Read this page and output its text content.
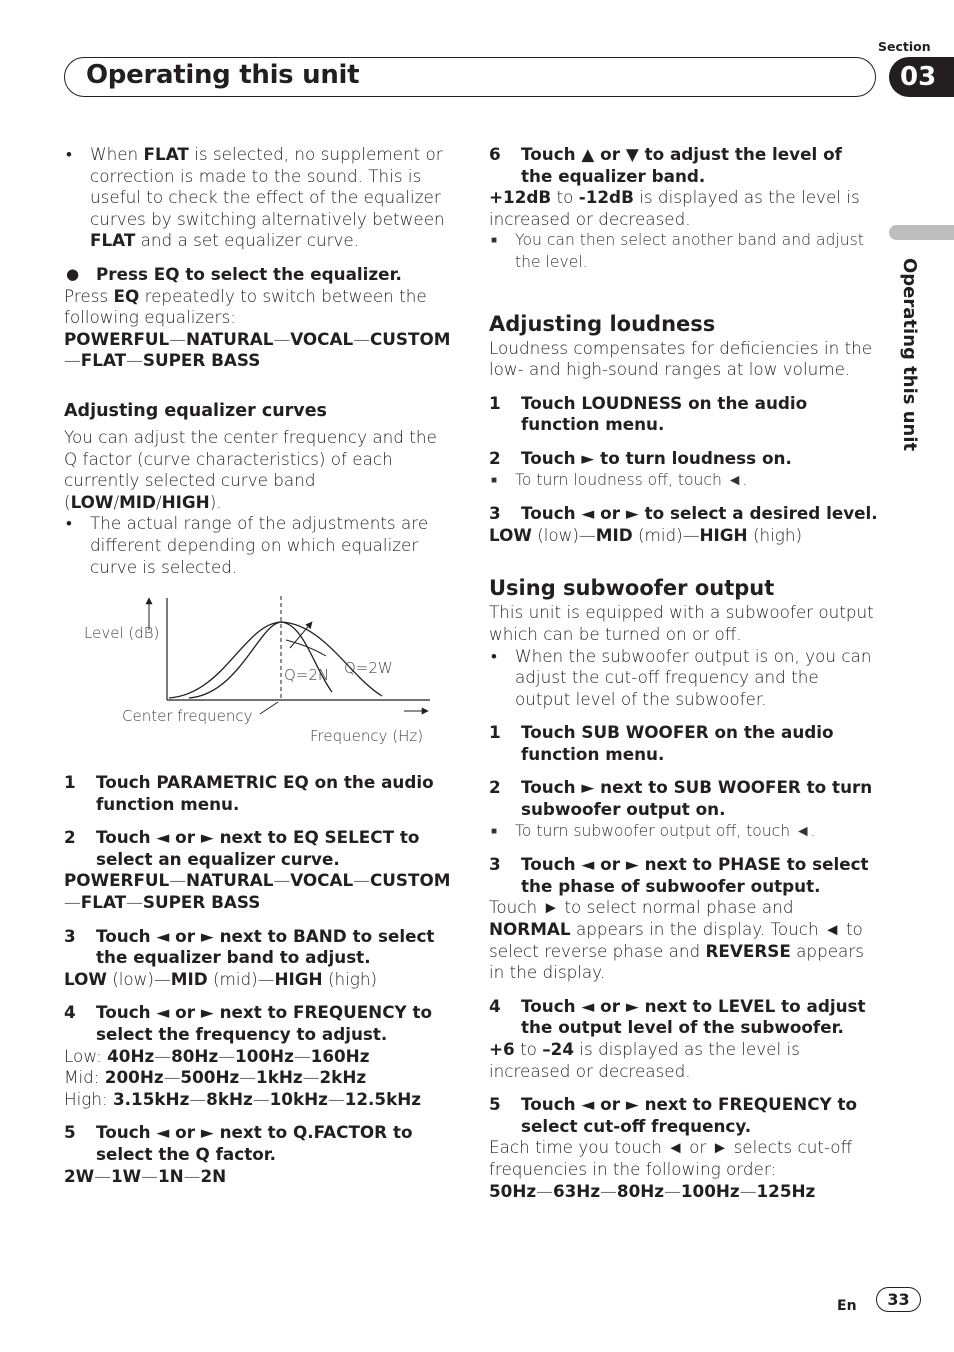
Section
Operating this unit	03
Operating this unit
•	When FLAT is selected, no supplement or correction is made to the sound. This is useful to check the effect of the equalizer curves by switching alternatively between FLAT and a set equalizer curve.
●	Press EQ to select the equalizer.
Press EQ repeatedly to switch between the following equalizers:
POWERFUL—NATURAL—VOCAL—CUSTOM —FLAT—SUPER BASS
Adjusting equalizer curves
You can adjust the center frequency and the Q factor (curve characteristics) of each currently selected curve band (LOW/MID/HIGH).
•	The actual range of the adjustments are different depending on which equalizer curve is selected.
Level (dB)
Q=2N Q=2W
Center frequency
Frequency (Hz)
1	Touch PARAMETRIC EQ on the audio function menu.
2	Touch ◄ or ► next to EQ SELECT to select an equalizer curve.
POWERFUL—NATURAL—VOCAL—CUSTOM —FLAT—SUPER BASS
3	Touch ◄ or ► next to BAND to select the equalizer band to adjust.
LOW (low)—MID (mid)—HIGH (high)
4	Touch ◄ or ► next to FREQUENCY to select the frequency to adjust.
Low: 40Hz—80Hz—100Hz—160Hz
Mid: 200Hz—500Hz—1kHz—2kHz
High: 3.15kHz—8kHz—10kHz—12.5kHz
5	Touch ◄ or ► next to Q.FACTOR to select the Q factor.
2W—1W—1N—2N
6	Touch ▲ or ▼ to adjust the level of the equalizer band.
+12dB to -12dB is displayed as the level is increased or decreased.
■	You can then select another band and adjust the level.
Adjusting loudness
Loudness compensates for deficiencies in the low- and high-sound ranges at low volume.
1	Touch LOUDNESS on the audio function menu.
2	Touch ► to turn loudness on.
■	To turn loudness off, touch ◄.
3	Touch ◄ or ► to select a desired level.
LOW (low)—MID (mid)—HIGH (high)
Using subwoofer output
This unit is equipped with a subwoofer output which can be turned on or off.
•	When the subwoofer output is on, you can adjust the cut-off frequency and the output level of the subwoofer.
1	Touch SUB WOOFER on the audio function menu.
2	Touch ► next to SUB WOOFER to turn subwoofer output on.
■	To turn subwoofer output off, touch ◄.
3	Touch ◄ or ► next to PHASE to select the phase of subwoofer output.
Touch ► to select normal phase and NORMAL appears in the display. Touch ◄ to select reverse phase and REVERSE appears in the display.
4	Touch ◄ or ► next to LEVEL to adjust the output level of the subwoofer.
+6 to –24 is displayed as the level is increased or decreased.
5	Touch ◄ or ► next to FREQUENCY to select cut-off frequency.
Each time you touch ◄ or ► selects cut-off frequencies in the following order:
50Hz—63Hz—80Hz—100Hz—125Hz
En	33
